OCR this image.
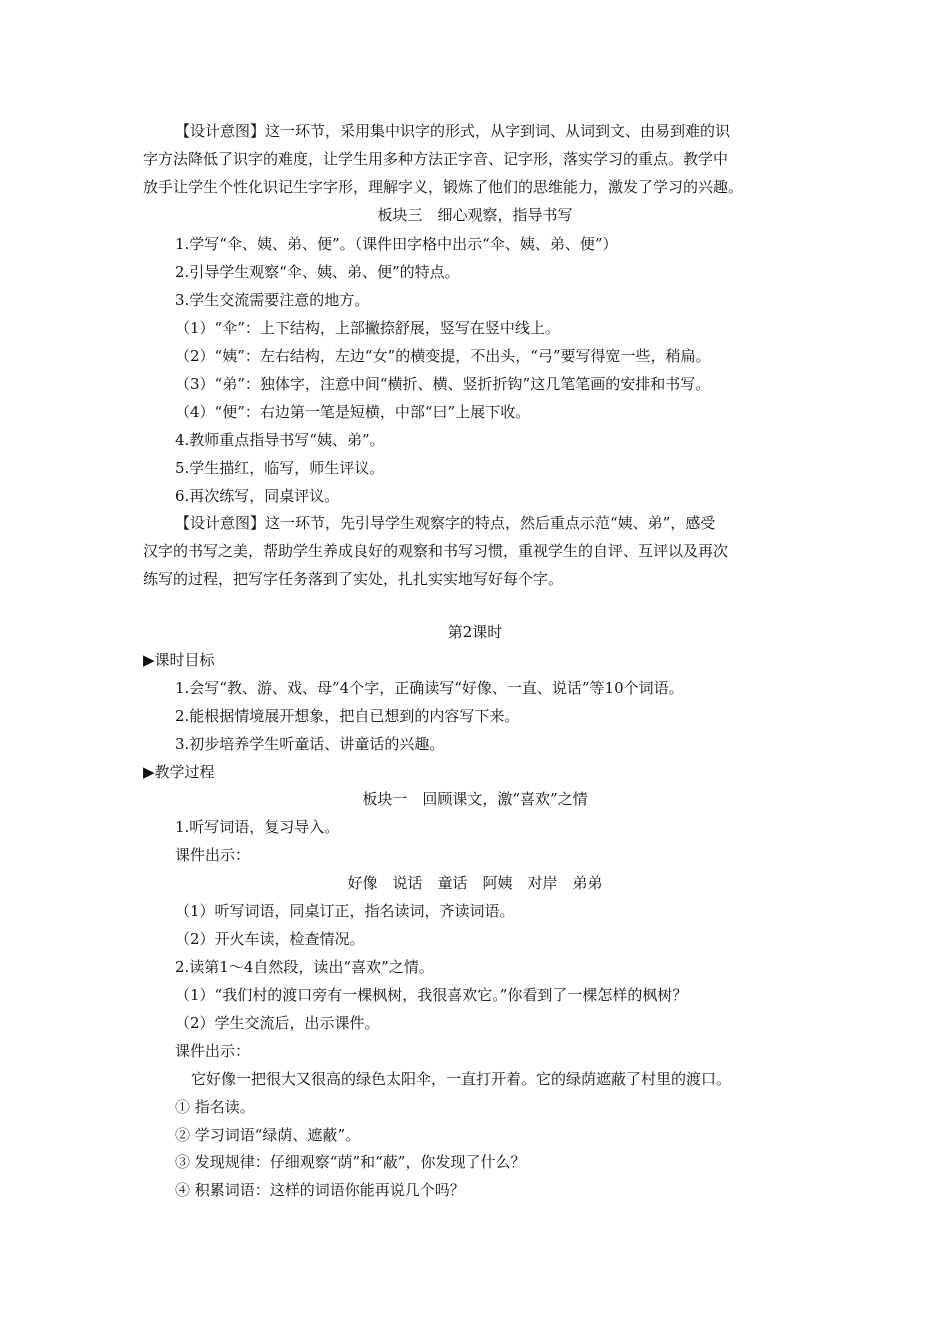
【设计意图】这一环节，采用集中识字的形式，从字到词、从词到文、由易到难的识
字方法降低了识字的难度，让学生用多种方法正字音、记字形，落实学习的重点。教学中
放手让学生个性化识记生字字形，理解字义，锻炼了他们的思维能力，激发了学习的兴趣。
板块三　细心观察，指导书写
1.学写“伞、姨、弟、便”。（课件田字格中出示“伞、姨、弟、便”）
2.引导学生观察“伞、姨、弟、便”的特点。
3.学生交流需要注意的地方。
（1）“伞”：上下结构，上部撇捺舒展，竖写在竖中线上。
（2）“姨”：左右结构，左边“女”的横变提，不出头，“弓”要写得宽一些，稍扁。
（3）“弟”：独体字，注意中间“横折、横、竖折折钩”这几笔笔画的安排和书写。
（4）“便”：右边第一笔是短横，中部“曰”上展下收。
4.教师重点指导书写“姨、弟”。
5.学生描红，临写，师生评议。
6.再次练写，同桌评议。
【设计意图】这一环节，先引导学生观察字的特点，然后重点示范“姨、弟”，感受
汉字的书写之美，帮助学生养成良好的观察和书写习惯，重视学生的自评、互评以及再次
练写的过程，把写字任务落到了实处，扎扎实实地写好每个字。
第2课时
▶课时目标
1.会写“教、游、戏、母”4个字，正确读写“好像、一直、说话”等10个词语。
2.能根据情境展开想象，把自已想到的内容写下来。
3.初步培养学生听童话、讲童话的兴趣。
▶教学过程
板块一　回顾课文，激“喜欢”之情
1.听写词语，复习导入。
课件出示：
好像　说话　童话　阿姨　对岸　弟弟
（1）听写词语，同桌订正，指名读词，齐读词语。
（2）开火车读，检查情况。
2.读第1～4自然段，读出“喜欢”之情。
（1）“我们村的渡口旁有一棵枫树，我很喜欢它。”你看到了一棵怎样的枫树？
（2）学生交流后，出示课件。
课件出示：
它好像一把很大又很高的绿色太阳伞，一直打开着。它的绿荫遮蔽了村里的渡口。
① 指名读。
② 学习词语“绿荫、遮蔽”。
③ 发现规律：仔细观察“荫”和“蔽”，你发现了什么？
④ 积累词语：这样的词语你能再说几个吗？
